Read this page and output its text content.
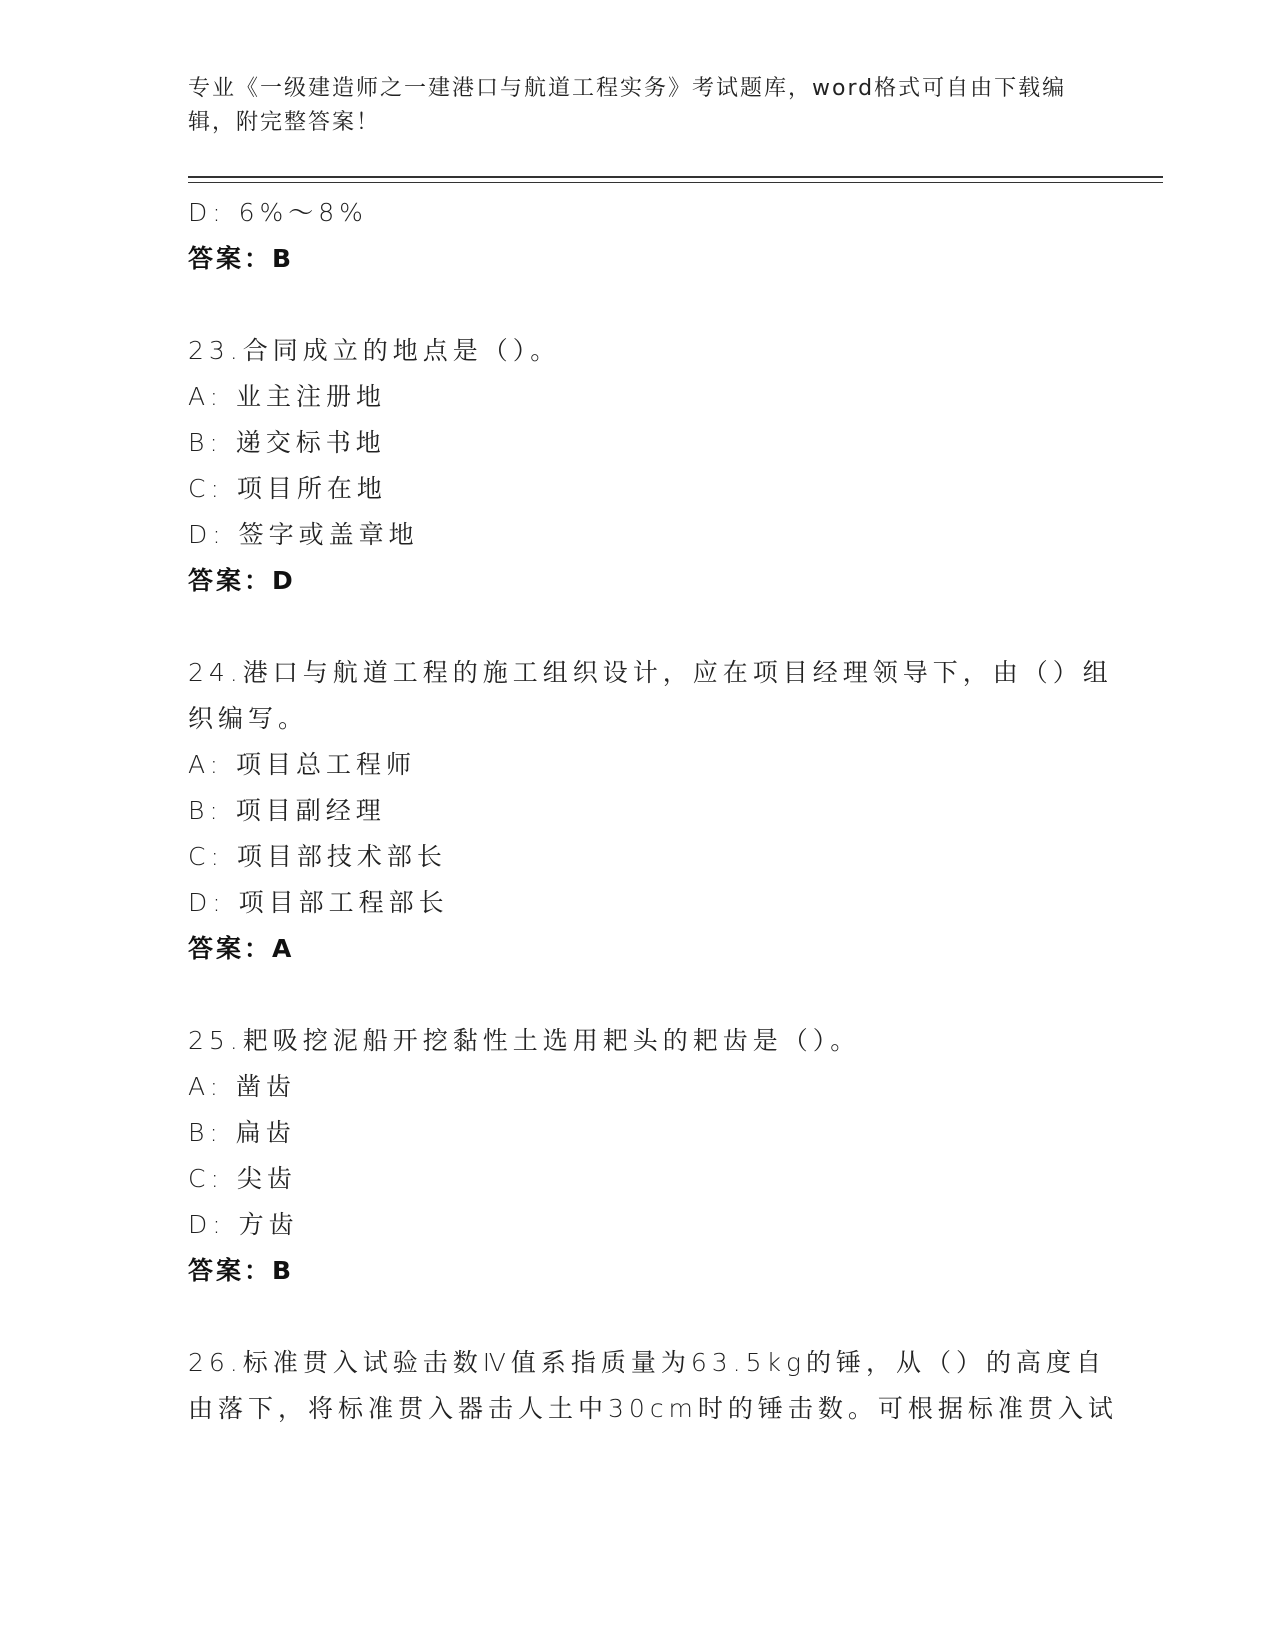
专业《一级建造师之一建港口与航道工程实务》考试题库，word格式可自由下载编辑，附完整答案！
D: 6%～8%
答案：B
23.合同成立的地点是（）。
A: 业主注册地
B: 递交标书地
C: 项目所在地
D: 签字或盖章地
答案：D
24.港口与航道工程的施工组织设计，应在项目经理领导下，由（）组
织编写。
A: 项目总工程师
B: 项目副经理
C: 项目部技术部长
D: 项目部工程部长
答案：A
25.耙吸挖泥船开挖黏性土选用耙头的耙齿是（）。
A: 凿齿
B: 扁齿
C: 尖齿
D: 方齿
答案：B
26.标准贯入试验击数Ⅳ值系指质量为63.5kg的锤，从（）的高度自
由落下，将标准贯入器击人土中30cm时的锤击数。可根据标准贯入试
